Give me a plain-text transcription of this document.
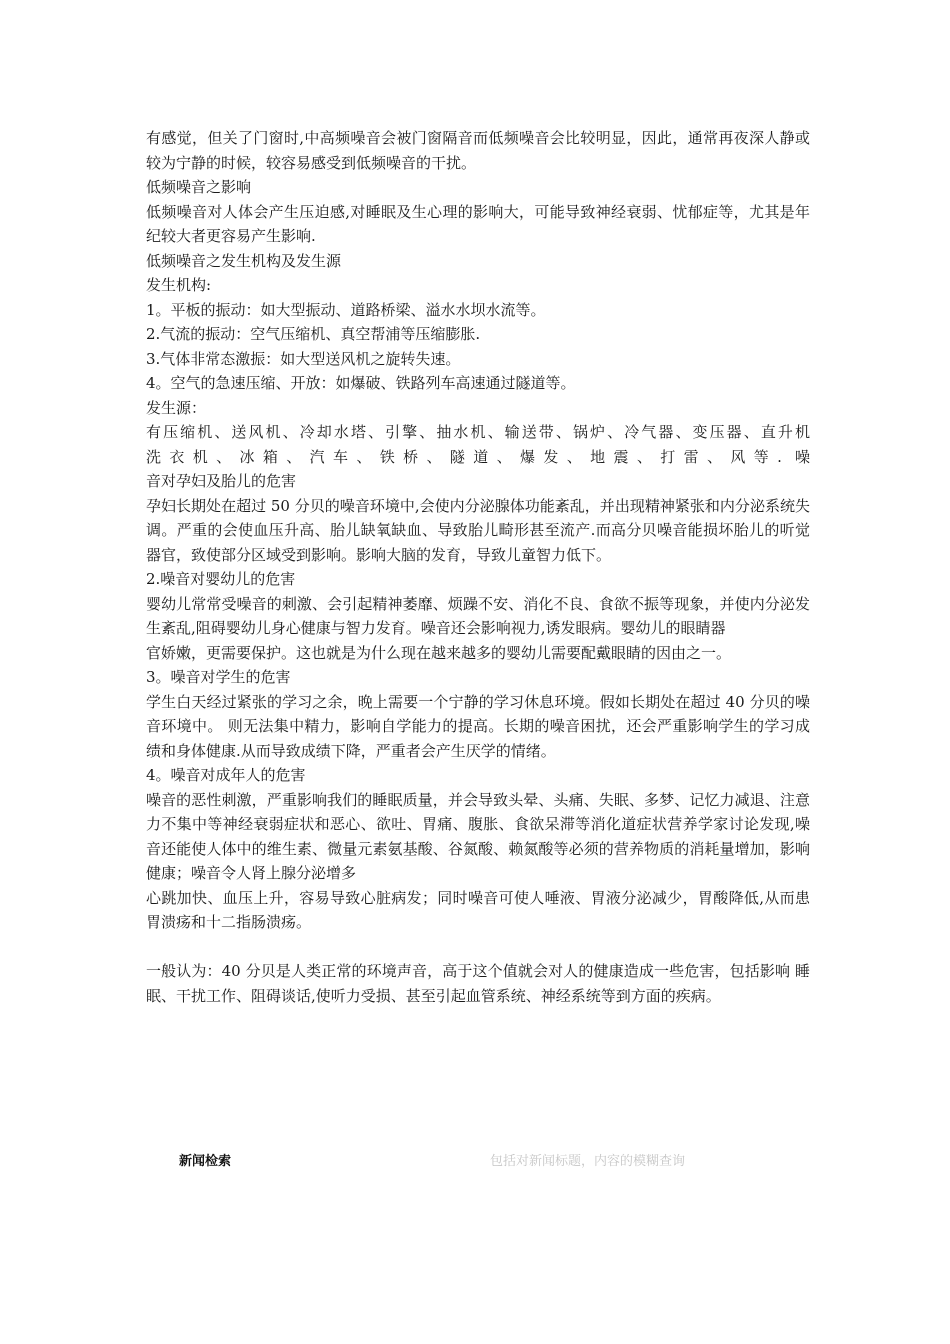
有感觉，但关了门窗时,中高频噪音会被门窗隔音而低频噪音会比较明显，因此，通常再夜深人静或较为宁静的时候，较容易感受到低频噪音的干扰。

低频噪音之影响

低频噪音对人体会产生压迫感,对睡眠及生心理的影响大，可能导致神经衰弱、忧郁症等，尤其是年纪较大者更容易产生影响.

低频噪音之发生机构及发生源

发生机构:

1。平板的振动：如大型振动、道路桥梁、溢水水坝水流等。

2.气流的振动：空气压缩机、真空帮浦等压缩膨胀.

3.气体非常态激振：如大型送风机之旋转失速。

4。空气的急速压缩、开放：如爆破、铁路列车高速通过隧道等。

发生源：

有压缩机、送风机、冷却水塔、引擎、抽水机、输送带、锅炉、冷气器、变压器、直升机

洗衣机、冰箱、汽车、铁桥、隧道、爆发、地震、打雷、风等. 噪

音对孕妇及胎儿的危害

孕妇长期处在超过 50 分贝的噪音环境中,会使内分泌腺体功能紊乱，并出现精神紧张和内分泌系统失调。严重的会使血压升高、胎儿缺氧缺血、导致胎儿畸形甚至流产.而高分贝噪音能损坏胎儿的听觉器官，致使部分区域受到影响。影响大脑的发育，导致儿童智力低下。

2.噪音对婴幼儿的危害

婴幼儿常常受噪音的刺激、会引起精神萎靡、烦躁不安、消化不良、食欲不振等现象，并使内分泌发生紊乱,阻碍婴幼儿身心健康与智力发育。噪音还会影响视力,诱发眼病。婴幼儿的眼睛器

官娇嫩，更需要保护。这也就是为什么现在越来越多的婴幼儿需要配戴眼睛的因由之一。

3。噪音对学生的危害

学生白天经过紧张的学习之余，晚上需要一个宁静的学习休息环境。假如长期处在超过 40 分贝的噪音环境中。 则无法集中精力，影响自学能力的提高。长期的噪音困扰，还会严重影响学生的学习成绩和身体健康.从而导致成绩下降，严重者会产生厌学的情绪。

4。噪音对成年人的危害

噪音的恶性刺激，严重影响我们的睡眠质量，并会导致头晕、头痛、失眠、多梦、记忆力减退、注意力不集中等神经衰弱症状和恶心、欲吐、胃痛、腹胀、食欲呆滞等消化道症状营养学家讨论发现,噪音还能使人体中的维生素、微量元素氨基酸、谷氮酸、赖氮酸等必须的营养物质的消耗量增加，影响健康；噪音令人肾上腺分泌增多

心跳加快、血压上升，容易导致心脏病发；同时噪音可使人唾液、胃液分泌减少，胃酸降低,从而患胃溃疡和十二指肠溃疡。

一般认为：40 分贝是人类正常的环境声音，高于这个值就会对人的健康造成一些危害，包括影响 睡眠、干扰工作、阻碍谈话,使听力受损、甚至引起血管系统、神经系统等到方面的疾病。

新闻检索	包括对新闻标题，内容的模糊查询
